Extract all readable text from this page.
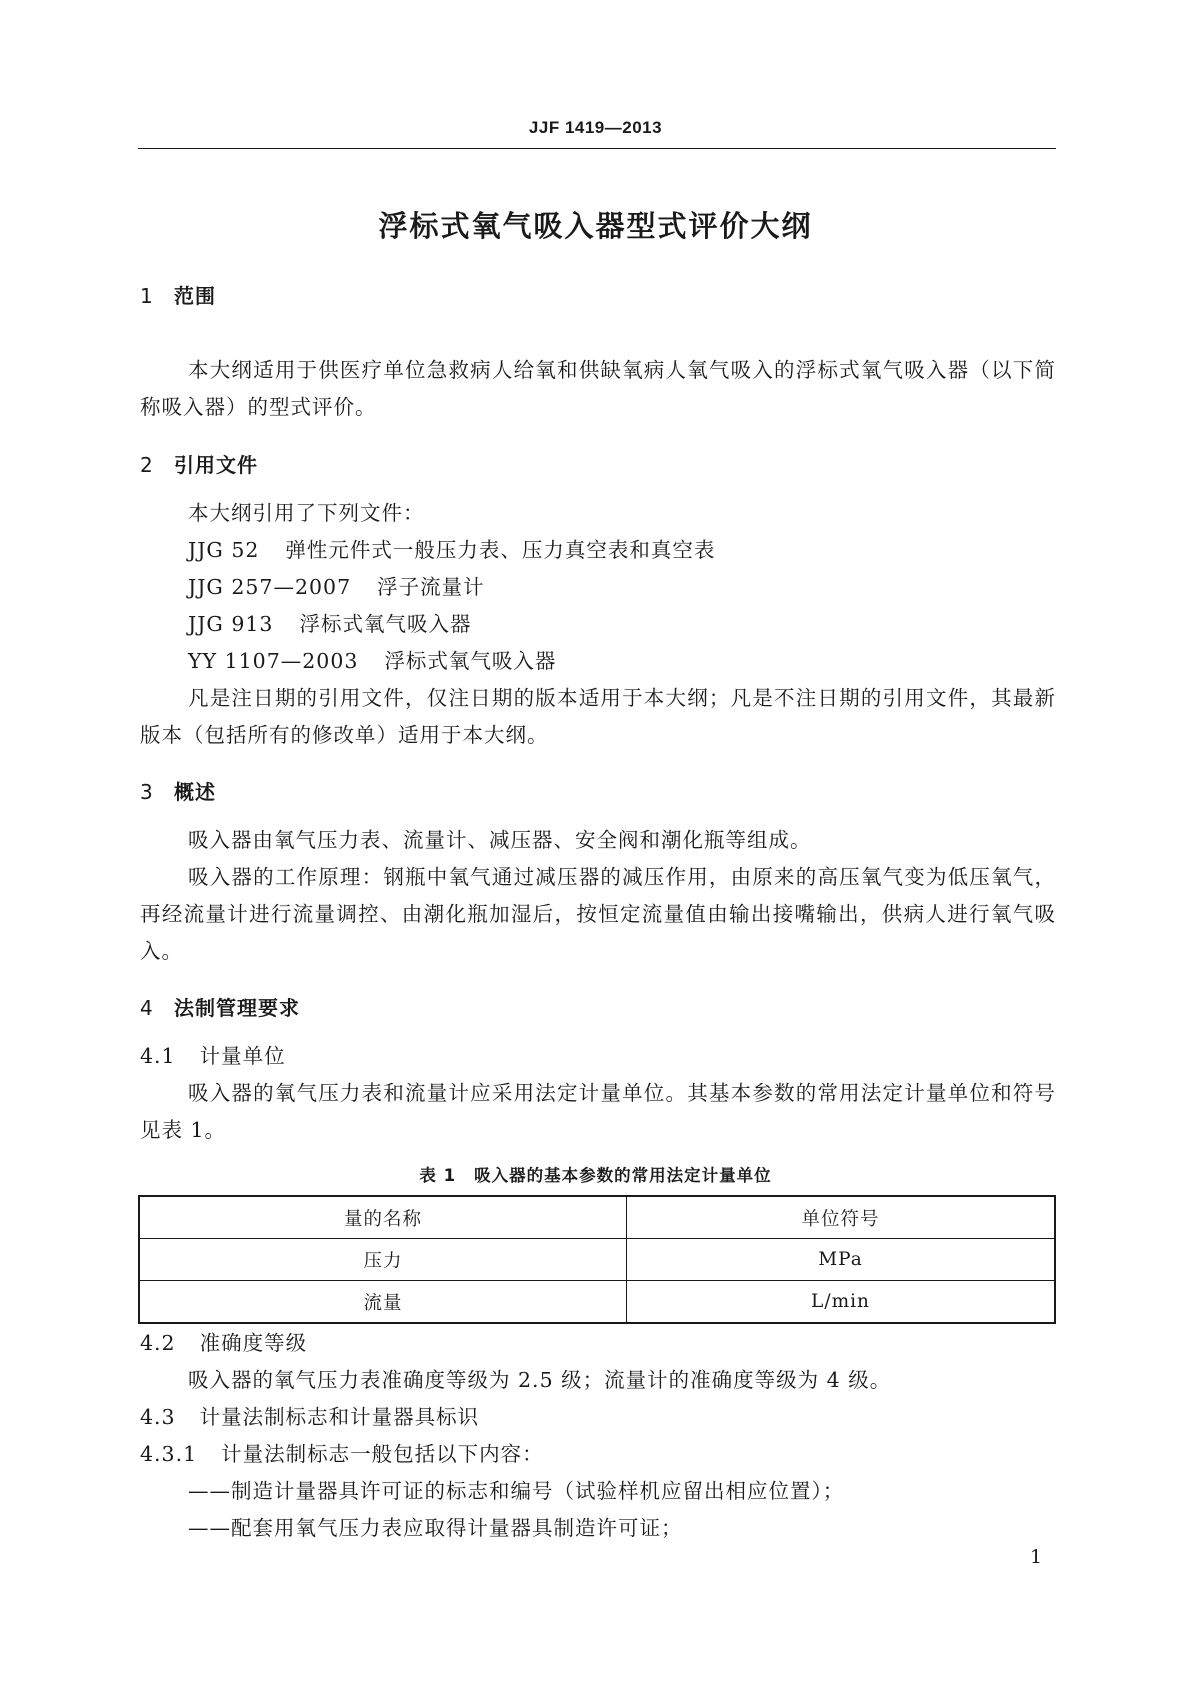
JJF 1419—2013
浮标式氧气吸入器型式评价大纲
1 范围
本大纲适用于供医疗单位急救病人给氧和供缺氧病人氧气吸入的浮标式氧气吸入器（以下简称吸入器）的型式评价。
2 引用文件
本大纲引用了下列文件：
JJG 52 弹性元件式一般压力表、压力真空表和真空表
JJG 257—2007 浮子流量计
JJG 913 浮标式氧气吸入器
YY 1107—2003 浮标式氧气吸入器
凡是注日期的引用文件，仅注日期的版本适用于本大纲；凡是不注日期的引用文件，其最新版本（包括所有的修改单）适用于本大纲。
3 概述
吸入器由氧气压力表、流量计、减压器、安全阀和潮化瓶等组成。
吸入器的工作原理：钢瓶中氧气通过减压器的减压作用，由原来的高压氧气变为低压氧气，再经流量计进行流量调控、由潮化瓶加湿后，按恒定流量值由输出接嘴输出，供病人进行氧气吸入。
4 法制管理要求
4.1 计量单位
吸入器的氧气压力表和流量计应采用法定计量单位。其基本参数的常用法定计量单位和符号见表 1。
表 1 吸入器的基本参数的常用法定计量单位
量的名称	单位符号
压力	MPa
流量	L/min
4.2 准确度等级
吸入器的氧气压力表准确度等级为 2.5 级；流量计的准确度等级为 4 级。
4.3 计量法制标志和计量器具标识
4.3.1 计量法制标志一般包括以下内容：
——制造计量器具许可证的标志和编号（试验样机应留出相应位置）；
——配套用氧气压力表应取得计量器具制造许可证；
1
